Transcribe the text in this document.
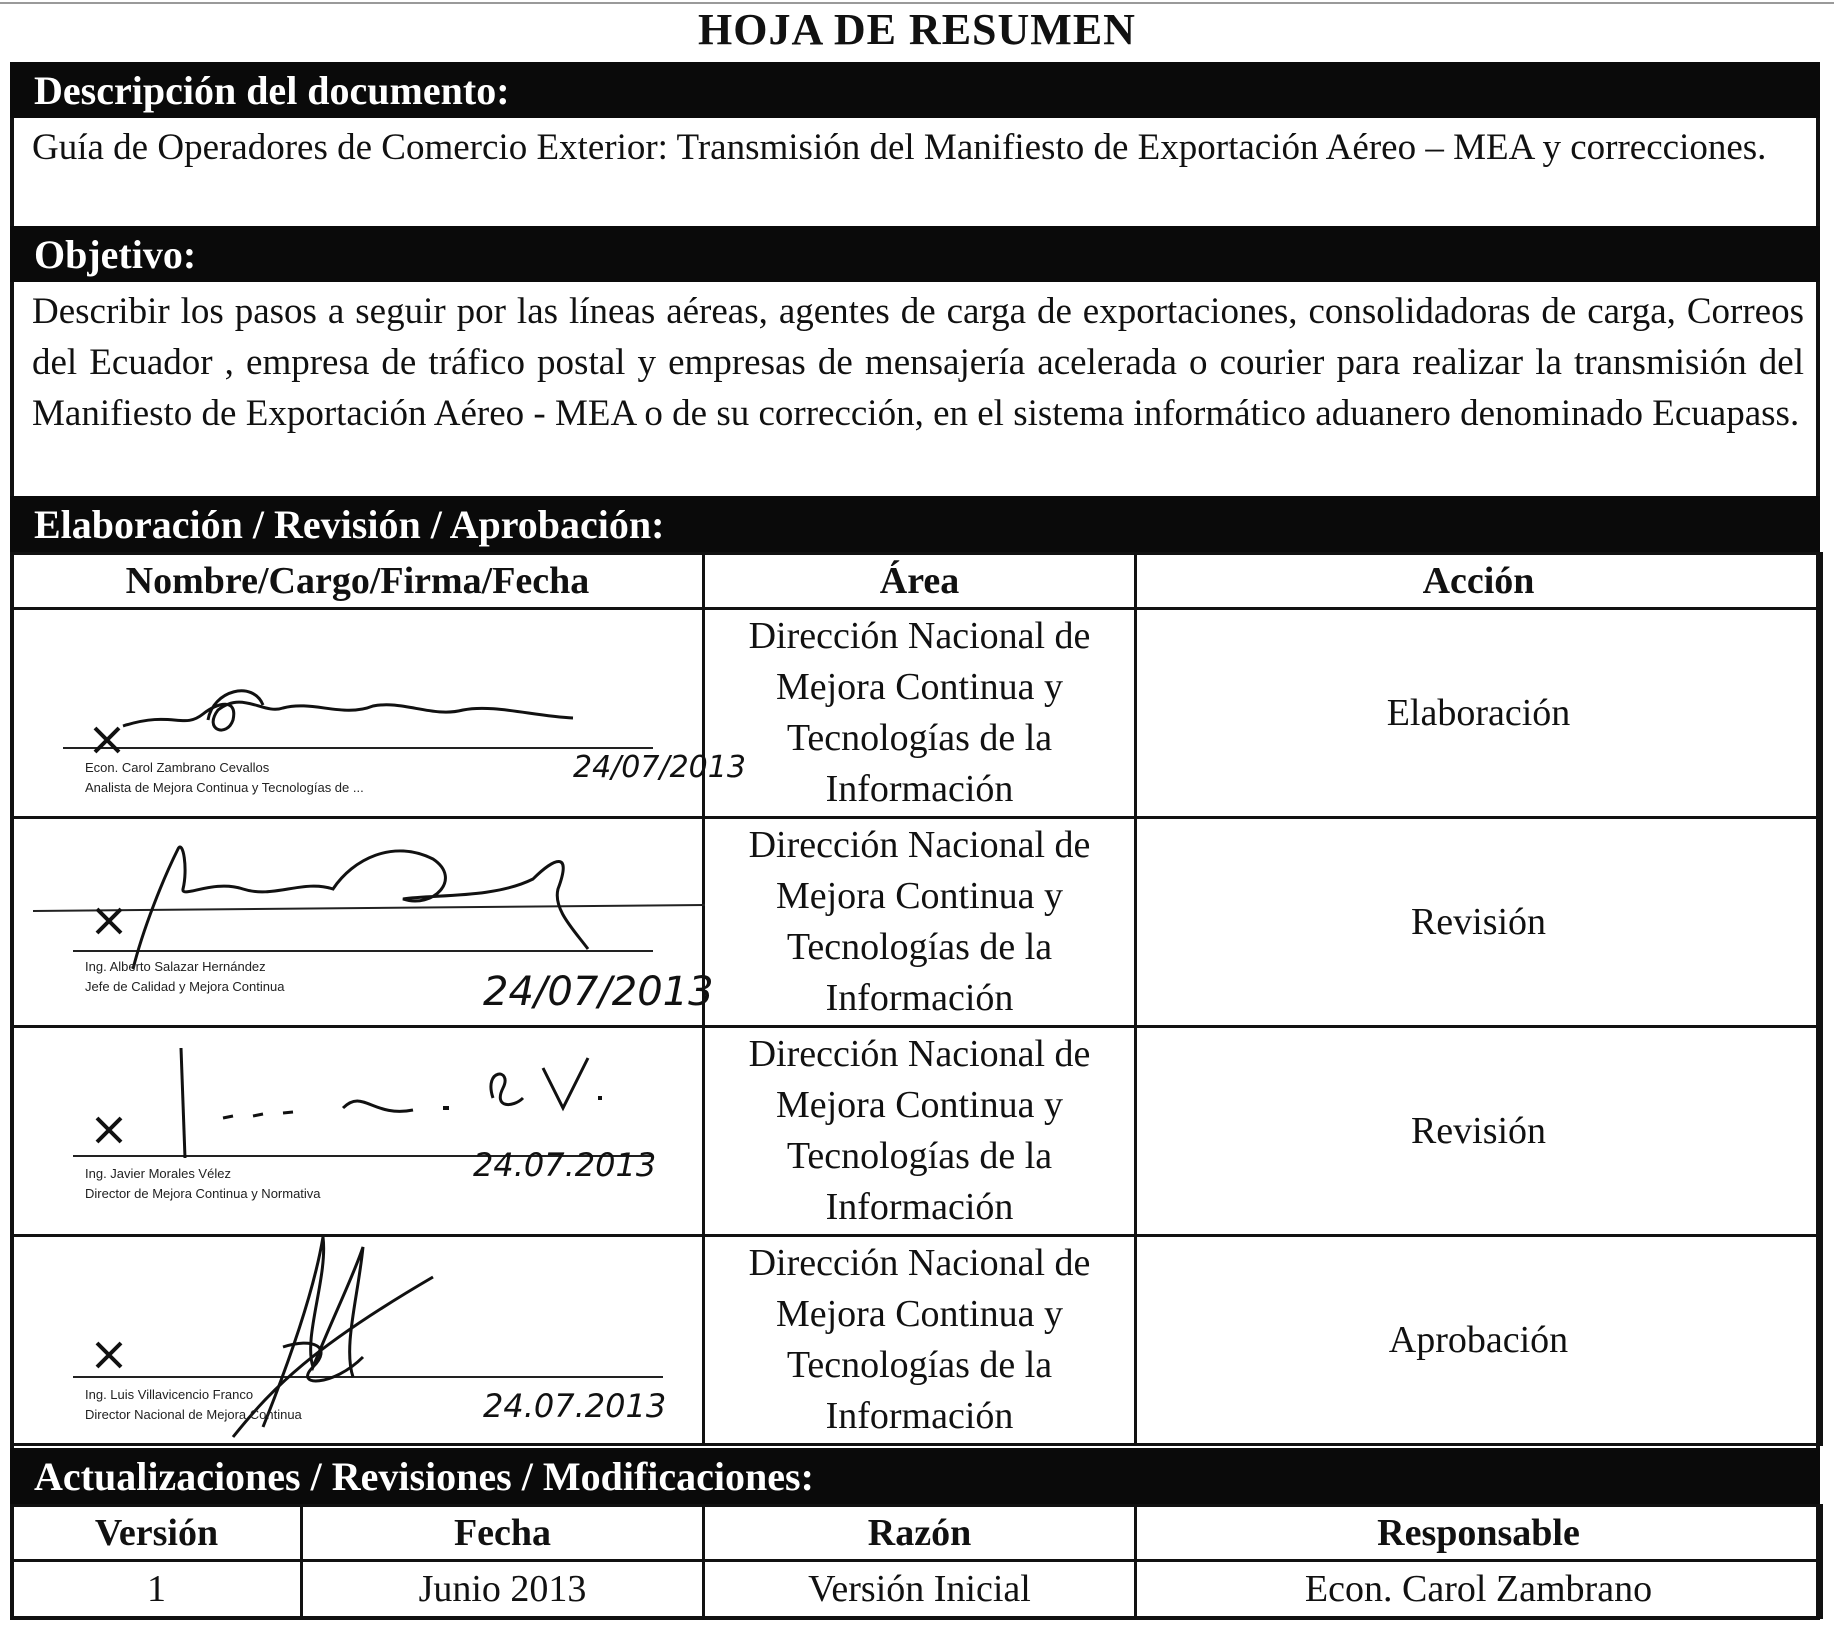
HOJA DE RESUMEN
Descripción del documento:
Guía de Operadores de Comercio Exterior: Transmisión del Manifiesto de Exportación Aéreo – MEA y correcciones.
Objetivo:
Describir los pasos a seguir por las líneas aéreas, agentes de carga de exportaciones, consolidadoras de carga, Correos del Ecuador , empresa de tráfico postal y empresas de mensajería acelerada o courier para realizar la transmisión del Manifiesto de Exportación Aéreo - MEA o de su corrección, en el sistema informático aduanero denominado Ecuapass.
Elaboración / Revisión / Aprobación:
Nombre/Cargo/Firma/Fecha	Área	Acción

Econ. Carol Zambrano Cevallos
Analista de Mejora Continua y Tecnologías de ...
24/07/2013	Dirección Nacional de Mejora Continua y Tecnologías de la Información	Elaboración

Ing. Alberto Salazar Hernández
Jefe de Calidad y Mejora Continua 24/07/2013	Dirección Nacional de Mejora Continua y Tecnologías de la Información	Revisión

Ing. Javier Morales Vélez
Director de Mejora Continua y Normativa
24.07.2013	Dirección Nacional de Mejora Continua y Tecnologías de la Información	Revisión

Ing. Luis Villavicencio Franco
Director Nacional de Mejora Continua 24.07.2013	Dirección Nacional de Mejora Continua y Tecnologías de la Información	Aprobación
Actualizaciones / Revisiones / Modificaciones:
Versión	Fecha	Razón	Responsable
1	Junio 2013	Versión Inicial	Econ. Carol Zambrano
